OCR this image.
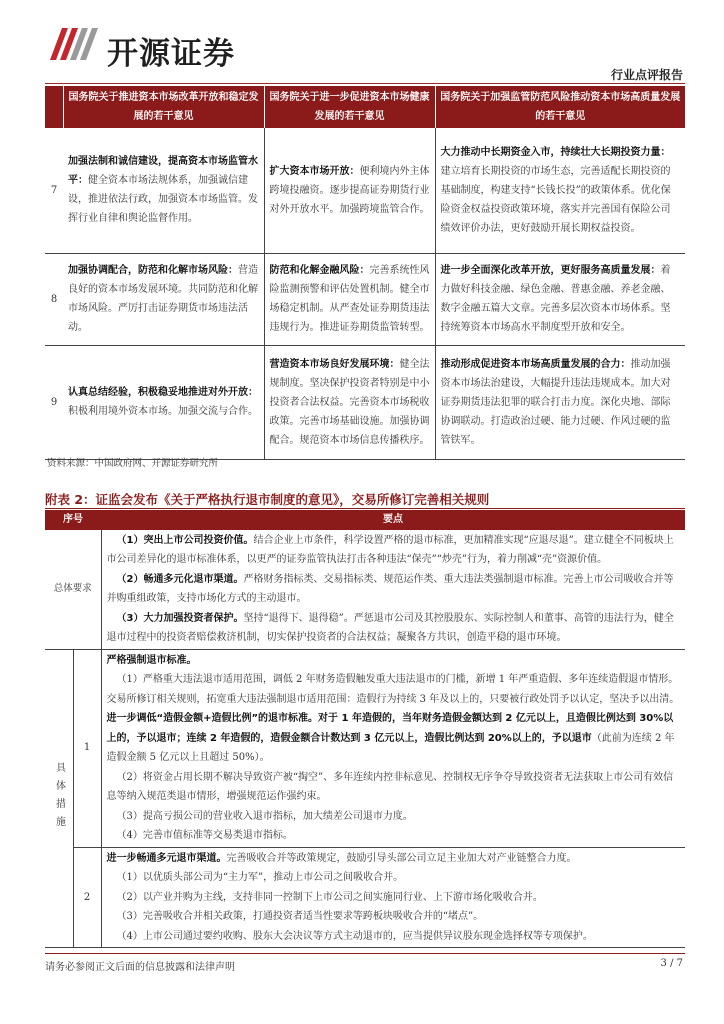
开源证券
行业点评报告
	国务院关于推进资本市场改革开放和稳定发展的若干意见	国务院关于进一步促进资本市场健康发展的若干意见	国务院关于加强监管防范风险推动资本市场高质量发展的若干意见
7	加强法制和诚信建设，提高资本市场监管水平：健全资本市场法规体系，加强诚信建设，推进依法行政，加强资本市场监管。发挥行业自律和舆论监督作用。	扩大资本市场开放：便利境内外主体跨境投融资。逐步提高证券期货行业对外开放水平。加强跨境监管合作。	大力推动中长期资金入市，持续壮大长期投资力量：建立培育长期投资的市场生态，完善适配长期投资的基础制度，构建支持“长钱长投”的政策体系。优化保险资金权益投资政策环境，落实并完善国有保险公司绩效评价办法，更好鼓励开展长期权益投资。
8	加强协调配合，防范和化解市场风险：营造良好的资本市场发展环境。共同防范和化解市场风险。严厉打击证券期货市场违法活动。	防范和化解金融风险：完善系统性风险监测预警和评估处置机制。健全市场稳定机制。从严查处证券期货违法违规行为。推进证券期货监管转型。	进一步全面深化改革开放，更好服务高质量发展：着力做好科技金融、绿色金融、普惠金融、养老金融、数字金融五篇大文章。完善多层次资本市场体系。坚持统筹资本市场高水平制度型开放和安全。
9	认真总结经验，积极稳妥地推进对外开放：积极利用境外资本市场。加强交流与合作。	营造资本市场良好发展环境：健全法规制度。坚决保护投资者特别是中小投资者合法权益。完善资本市场税收政策。完善市场基础设施。加强协调配合。规范资本市场信息传播秩序。	推动形成促进资本市场高质量发展的合力：推动加强资本市场法治建设，大幅提升违法违规成本。加大对证券期货违法犯罪的联合打击力度。深化央地、部际协调联动。打造政治过硬、能力过硬、作风过硬的监管铁军。
资料来源：中国政府网、开源证券研究所
附表 2：证监会发布《关于严格执行退市制度的意见》，交易所修订完善相关规则
序号		要点
总体要求		（1）突出上市公司投资价值。结合企业上市条件，科学设置严格的退市标准，更加精准实现“应退尽退”。建立健全不同板块上市公司差异化的退市标准体系，以更严的证券监管执法打击各种违法“保壳”“炒壳”行为，着力削减“壳”资源价值。

（2）畅通多元化退市渠道。严格财务指标类、交易指标类、规范运作类、重大违法类强制退市标准。完善上市公司吸收合并等并购重组政策，支持市场化方式的主动退市。

（3）大力加强投资者保护。坚持“退得下、退得稳”。严惩退市公司及其控股股东、实际控制人和董事、高管的违法行为，健全退市过程中的投资者赔偿救济机制，切实保护投资者的合法权益；凝聚各方共识，创造平稳的退市环境。

具体措施	1	严格强制退市标准。

（1）严格重大违法退市适用范围，调低 2 年财务造假触发重大违法退市的门槛，新增 1 年严重造假、多年连续造假退市情形。交易所修订相关规则，拓宽重大违法强制退市适用范围：造假行为持续 3 年及以上的，只要被行政处罚予以认定，坚决予以出清。进一步调低“造假金额+造假比例”的退市标准。对于 1 年造假的，当年财务造假金额达到 2 亿元以上，且造假比例达到 30%以上的，予以退市；连续 2 年造假的，造假金额合计数达到 3 亿元以上，造假比例达到 20%以上的，予以退市（此前为连续 2 年造假金额 5 亿元以上且超过 50%）。

（2）将资金占用长期不解决导致资产被“掏空”、多年连续内控非标意见、控制权无序争夺导致投资者无法获取上市公司有效信息等纳入规范类退市情形，增强规范运作强约束。

（3）提高亏损公司的营业收入退市指标，加大绩差公司退市力度。

（4）完善市值标准等交易类退市指标。

	2	进一步畅通多元退市渠道。完善吸收合并等政策规定，鼓励引导头部公司立足主业加大对产业链整合力度。

（1）以优质头部公司为“主力军”，推动上市公司之间吸收合并。

（2）以产业并购为主线，支持非同一控制下上市公司之间实施同行业、上下游市场化吸收合并。

（3）完善吸收合并相关政策，打通投资者适当性要求等跨板块吸收合并的“堵点”。

（4）上市公司通过要约收购、股东大会决议等方式主动退市的，应当提供异议股东现金选择权等专项保护。

请务必参阅正文后面的信息披露和法律声明	3 / 7
